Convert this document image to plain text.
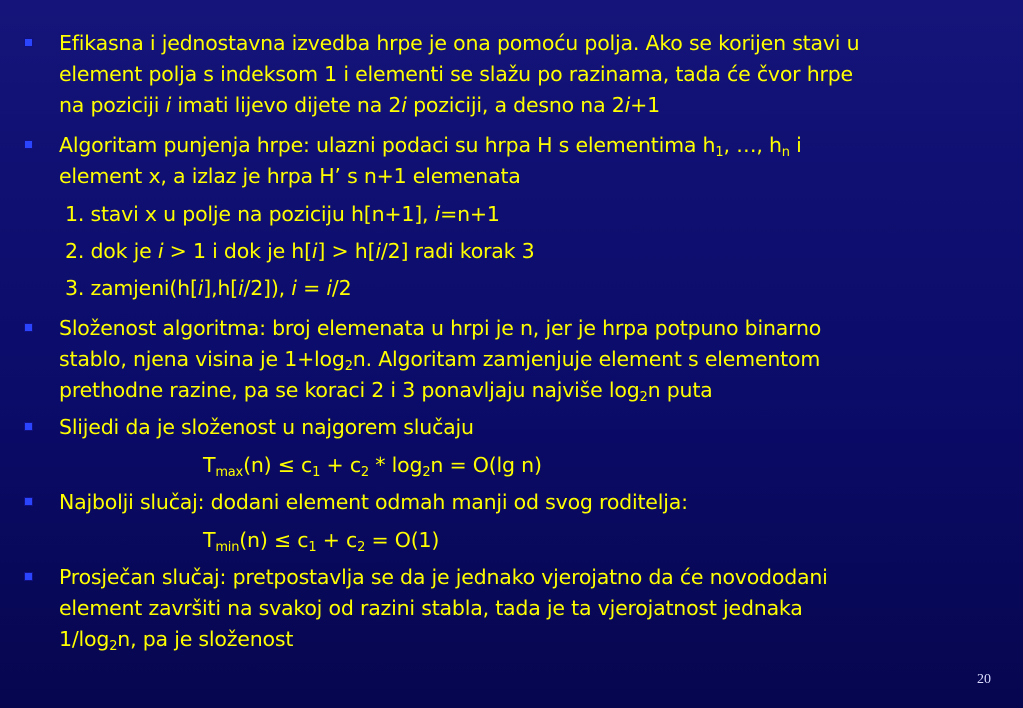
Efikasna i jednostavna izvedba hrpe je ona pomoću polja. Ako se korijen stavi u
element polja s indeksom 1 i elementi se slažu po razinama, tada će čvor hrpe
na poziciji i imati lijevo dijete na 2i poziciji, a desno na 2i+1
Algoritam punjenja hrpe: ulazni podaci su hrpa H s elementima $h_1$, …, $h_n$ i
element x, a izlaz je hrpa H’ s n+1 elemenata
1. stavi x u polje na poziciju h[n+1], i=n+1
2. dok je i > 1 i dok je h[i] > h[i/2] radi korak 3
3. zamjeni(h[i],h[i/2]), i = i/2
Složenost algoritma: broj elemenata u hrpi je n, jer je hrpa potpuno binarno
stablo, njena visina je $1+\log_2n$. Algoritam zamjenjuje element s elementom
prethodne razine, pa se koraci 2 i 3 ponavljaju najviše $\log_2n$ puta
Slijedi da je složenost u najgorem slučaju
$T_{max}(n) \le c_1 + c_2 * \log_2n = O(\lg$ n)
Najbolji slučaj: dodani element odmah manji od svog roditelja:
$T_{min}(n) \le c_1 + c_2 = O(1)$
Prosječan slučaj: pretpostavlja se da je jednako vjerojatno da će novododani
element završiti na svakoj od razini stabla, tada je ta vjerojatnost jednaka
$1/\log_2n$, pa je složenost
20
